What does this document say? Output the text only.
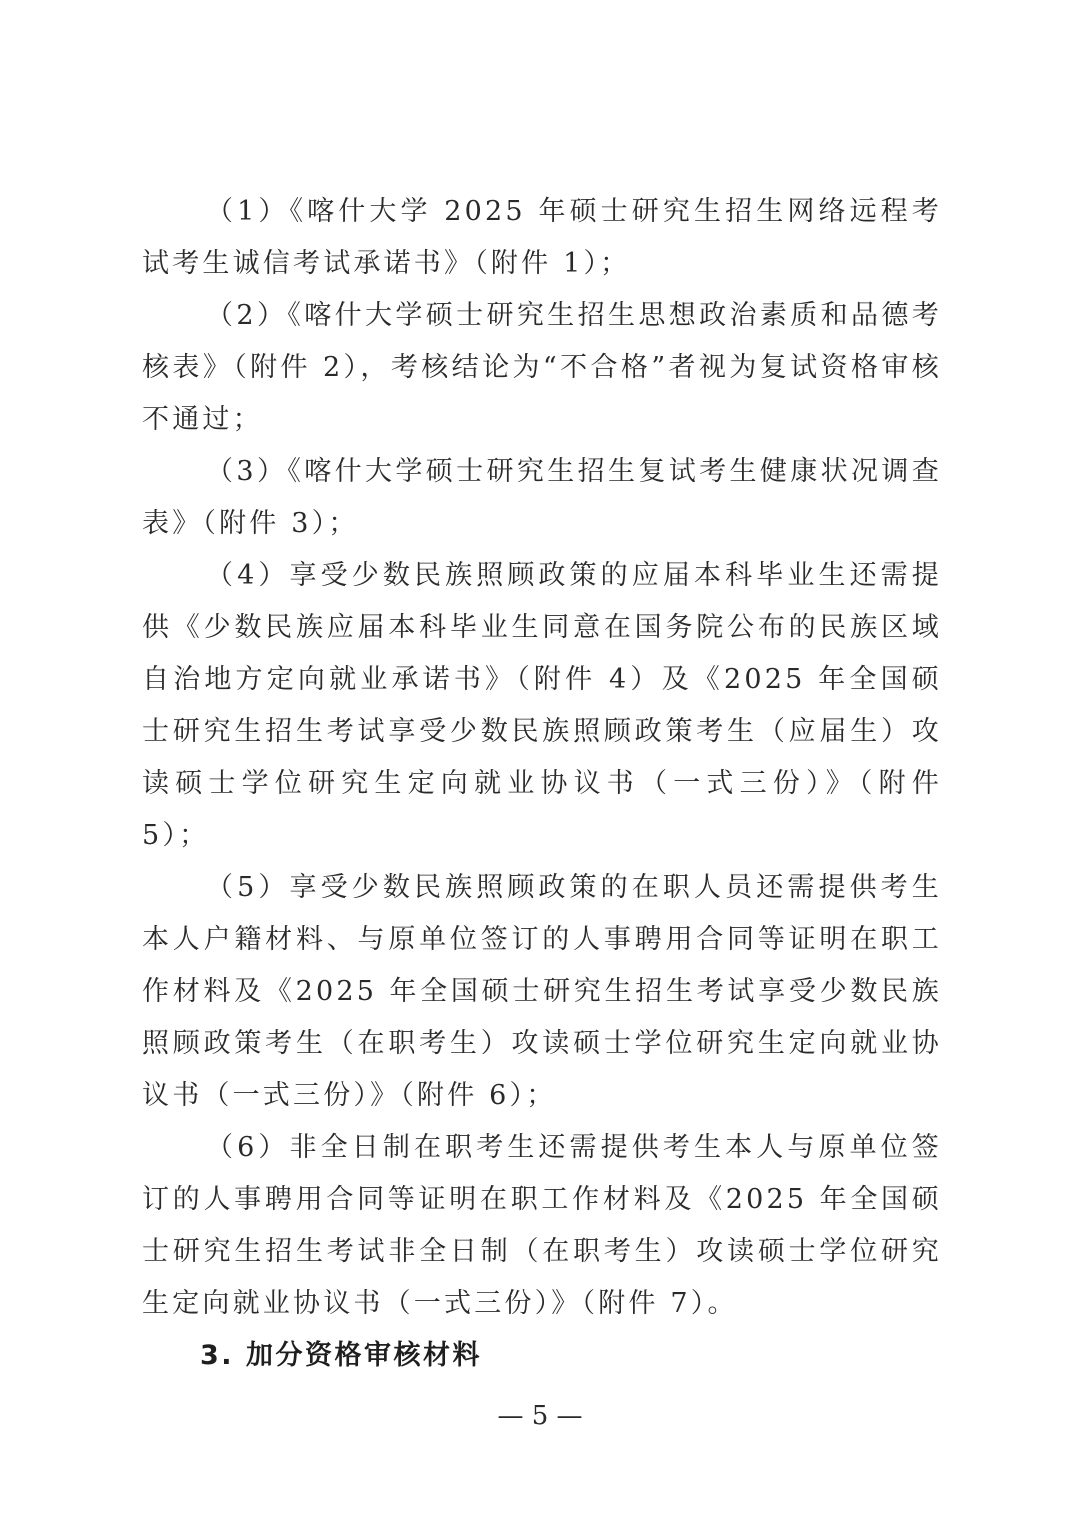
（1）《喀什大学 2025 年硕士研究生招生网络远程考试考生诚信考试承诺书》（附件 1）；

（2）《喀什大学硕士研究生招生思想政治素质和品德考核表》（附件 2），考核结论为“不合格”者视为复试资格审核不通过；

（3）《喀什大学硕士研究生招生复试考生健康状况调查表》（附件 3）；

（4）享受少数民族照顾政策的应届本科毕业生还需提供《少数民族应届本科毕业生同意在国务院公布的民族区域自治地方定向就业承诺书》（附件 4）及《2025 年全国硕士研究生招生考试享受少数民族照顾政策考生（应届生）攻读硕士学位研究生定向就业协议书（一式三份）》（附件 5）；

（5）享受少数民族照顾政策的在职人员还需提供考生本人户籍材料、与原单位签订的人事聘用合同等证明在职工作材料及《2025 年全国硕士研究生招生考试享受少数民族照顾政策考生（在职考生）攻读硕士学位研究生定向就业协议书（一式三份）》（附件 6）；

（6）非全日制在职考生还需提供考生本人与原单位签订的人事聘用合同等证明在职工作材料及《2025 年全国硕士研究生招生考试非全日制（在职考生）攻读硕士学位研究生定向就业协议书（一式三份）》（附件 7）。

3. 加分资格审核材料

— 5 —
